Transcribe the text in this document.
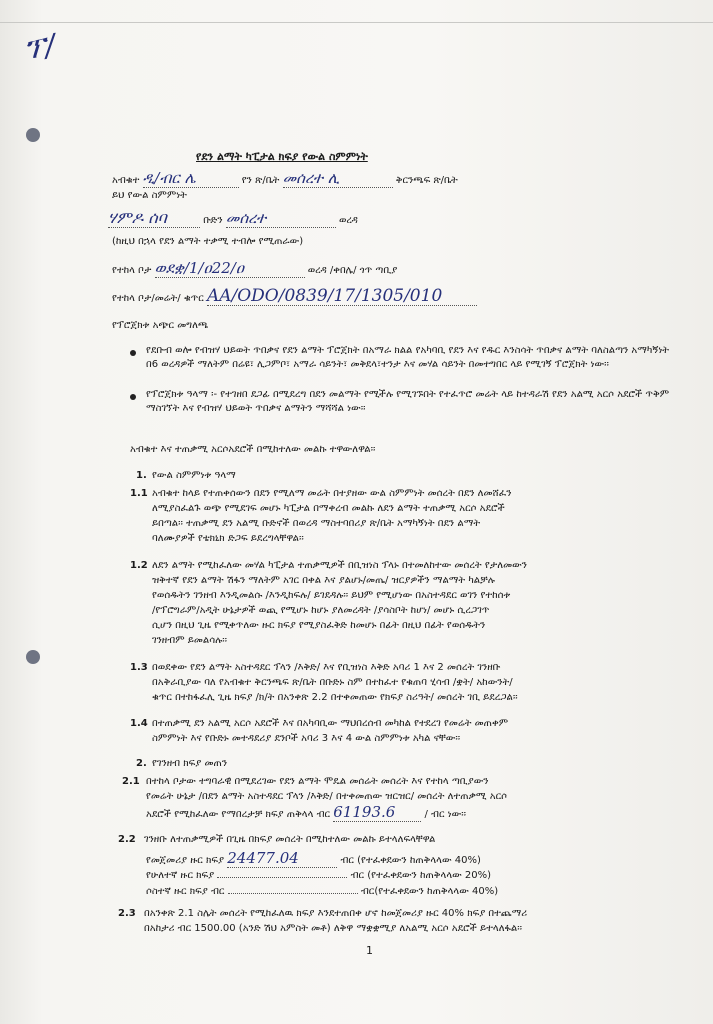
ፕ/
የደን ልማት ካፒታል ክፍያ የውል ስምምነት
አብቁተ ዲ/ብር ሌ	የን ጽ/ቤት መሰረተ ሊ	ቅርንጫፍ ጽ/ቤት
ይህ የውል ስምምነት
ሃምዶ ሰባ	ቡድን መሰረተ	ወረዳ
(ከዚህ በኋላ የደን ልማት ተቃሚ ተብሎ የሚጠራው)
የተከላ ቦታ ወደቋ/1/ዐ22/ዐ	ወረዳ /ቀበሌ/ ጎጥ ጣቢያ
የተከላ ቦታ/መሬት/ ቁጥር AA/ODO/0839/17/1305/010
የፕሮጀክቱ አጭር መግለጫ
የደቡብ ወሎ የብዝሃ ህይወት ጥበቃና የደን ልማት ፕሮጀክት በአማራ ክልል የአካባቢ የደን እና የዱር እንስሳት ጥበቃና ልማት ባለስልጣን አማካኝነት በ6 ወረዳዎች ማለትም በሬዩ፣ ሊጋምቦ፣ አማራ ሳይንት፣ መቅደላ፣ተንታ እና መሃል ሳይንት በመተግበር ላይ የሚገኝ ፕሮጀክት ነው፡፡
የፕሮጀክቱ ዓላማ ፡- የተገዘበ ደጋፊ በሚደረግ በደን መልማት የሚችሉ የሚገኙበት የተፈጥሮ መሬት ላይ ከተዳራሽ የደን አልሚ አርሶ አደሮች ጥቅም ማስገኘት እና የብዝሃ ህይወት ጥበቃና ልማትን ማሻሻል ነው፡፡
አብቁተ እና ተጠቃሚ አርሶአደሮች በሚከተለው መልኩ ተዋውለዋል፡፡
1. የውል ስምምነቱ ዓላማ
1.1 አብቁተ ከላይ የተጠቀሰውን በደን የሚለማ መሬት በተያዘው ውል ስምምነት መሰረት በደን ለመሸፈን
ለሚያስፈልጉ ወጭ የሚደገፍ መሆኑ ካፒታል በማቀረብ መልኩ ለደን ልማት ተጠቃሚ አርሶ አደሮች
ይበጣል፡፡ ተጠቃሚ ደን አልሚ ቡድኖች በወረዳ ማስተባበሪያ ጽ/ቤት አማካኝነት በደን ልማት
ባለሙያዎች የቴክኒክ ድጋፍ ይደረግላቸዋል፡፡
1.2 ለደን ልማት የሚከፈለው መሃል ካፒታል ተጠቃሚዎች በቢዝነስ ፕላኑ በተመለከተው መሰረት የታለመውን
ዝቅተኛ የደን ልማት ሽፋን ማለትም አገር በቀል እና ያልሆኑ/መጤ/ ዝርያዎችን ማልማት ካልቻሉ
የወሰዱትን ገንዘብ እንዲመልሱ /እንዲከፍሉ/ ይገደዳሉ፡፡ ይህም የሚሆነው በአስተዳደር ወገን የተከሰቱ
/የፕሮግራም/አዲት ሁኔታዎች ወጪ የሚሆኑ ከሆኑ ያለመረዳት /ያሳስቦት ከሆነ/ መሆኑ ሲረጋገጥ
ሲሆን በዚህ ጊዜ የሚቀጥለው ዙር ክፍያ የሚያስፈቅድ ከመሆኑ በፊት በዚህ በፊት የወሰዱትን
ገንዘብም ይመልሳሉ፡፡
1.3 በወደቀው የደን ልማት አስተዳደር ፕላን /እቅድ/ እና የቢዝነስ እቅድ አባሪ 1 እና 2 መሰረት ገንዘቡ
በአቅራቢያው ባለ የአብቁተ ቅርንጫፍ ጽ/ቤት በቡድኑ ስም በተከፈተ የቁጠባ ሂሳብ /ቋት/ አከውንት/
ቁጥር በተከፋፈሊ ጊዜ ክፍያ /ክ/ት በአንቀጽ 2.2 በተቀመጠው የክፍያ ስሪዓት/ መሰረት ገቢ ይደረጋል፡፡
1.4 በተጠቃሚ ደን አልሚ አርሶ አደሮች እና በአካባቢው ማህበረሰብ መካከል የተደረገ የመሬት መጠቀም
ስምምነት እና የቡድኑ መተዳደሪያ ደንቦች አባሪ 3 እና 4 ውል ስምምነቱ አካል ናቸው፡፡
2. የገንዘብ ክፍያ መጠን
2.1 በተከላ ቦታው ተግባራዊ በሚደረገው የደን ልማት ሞዴል መሰሬት መሰረት እና የተከላ ጣቢያውን
የመሬት ሁኔታ /በደን ልማት አስተዳደር ፕላን /እቅድ/ በተቀመጠው ዝርዝር/ መሰረት ለተጠቃሚ አርሶ
አደሮች የሚከፈለው የማበረታቻ ክፍያ ጠቅላላ ብር 61193.6	/ ብር ነው፡፡
2.2 ገንዘቡ ለተጠቃሚዎች በጊዜ በክፍያ መሰረት በሚከተለው መልኩ ይተላለፍላቸዋል
የመጀመሪያ ዙር ክፍያ 24477.04	ብር (የተፈቀደውን ከጠቅላላው 40%)
የሁለተኛ ዙር ክፍያ	ብር (የተፈቀደውን ከጠቅላላው 20%)
ሶስተኛ ዙር ክፍያ ብር	ብር(የተፈቀደውን ከጠቅላላው 40%)
2.3 በአንቀጽ 2.1 ስሌት መሰረት የሚከፈለዉ ክፍያ እንደተጠበቀ ሆኖ ከመጀመሪያ ዙር 40% ክፍያ በተጨማሪ
በአከታሪ ብር 1500.00 (አንድ ሽህ አምስት መቶ) ለቅዋ ማቋቋሚያ ለአልሚ አርሶ አደሮች ይተላለፋል፡፡
1
